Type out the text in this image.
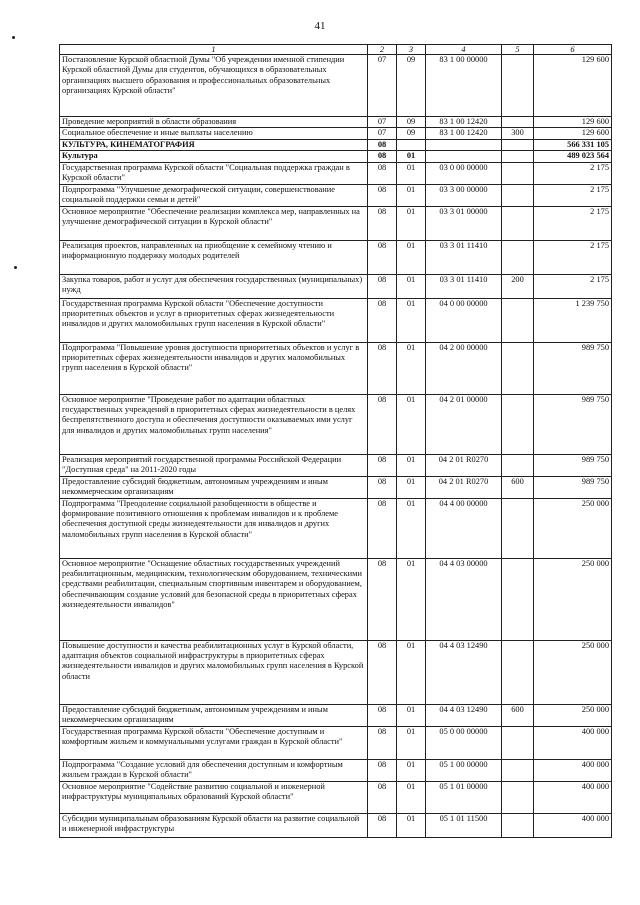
41
1	2	3	4	5	6
Постановление Курской областной Думы "Об учреждении именной стипендии Курской областной Думы для студентов, обучающихся в образовательных организациях высшего образования и профессиональных образовательных организациях Курской области"	07	09	83 1 00 00000		129 600
Проведение мероприятий в области образования	07	09	83 1 00 12420		129 600
Социальное обеспечение и иные выплаты населению	07	09	83 1 00 12420	300	129 600
КУЛЬТУРА, КИНЕМАТОГРАФИЯ	08				566 331 105
Культура	08	01			489 023 564
Государственная программа Курской области "Социальная поддержка граждан в Курской области"	08	01	03 0 00 00000		2 175
Подпрограмма "Улучшение демографической ситуации, совершенствование социальной поддержки семьи и детей"	08	01	03 3 00 00000		2 175
Основное мероприятие "Обеспечение реализации комплекса мер, направленных на улучшение демографической ситуации в Курской области"	08	01	03 3 01 00000		2 175
Реализация проектов, направленных на приобщение к семейному чтению и информационную поддержку молодых родителей	08	01	03 3 01 11410		2 175
Закупка товаров, работ и услуг для обеспечения государственных (муниципальных) нужд	08	01	03 3 01 11410	200	2 175
Государственная программа Курской области "Обеспечение доступности приоритетных объектов и услуг в приоритетных сферах жизнедеятельности инвалидов и других маломобильных групп населения в Курской области"	08	01	04 0 00 00000		1 239 750
Подпрограмма "Повышение уровня доступности приоритетных объектов и услуг в приоритетных сферах жизнедеятельности инвалидов и других маломобильных групп населения в Курской области"	08	01	04 2 00 00000		989 750
Основное мероприятие "Проведение работ по адаптации областных государственных учреждений в приоритетных сферах жизнедеятельности в целях беспрепятственного доступа и обеспечения доступности оказываемых ими услуг для инвалидов и других маломобильных групп населения"	08	01	04 2 01 00000		989 750
Реализация мероприятий государственной программы Российской Федерации "Доступная среда" на 2011-2020 годы	08	01	04 2 01 R0270		989 750
Предоставление субсидий бюджетным, автономным учреждениям и иным некоммерческим организациям	08	01	04 2 01 R0270	600	989 750
Подпрограмма "Преодоление социальной разобщенности в обществе и формирование позитивного отношения к проблемам инвалидов и к проблеме обеспечения доступной среды жизнедеятельности для инвалидов и других маломобильных групп населения в Курской области"	08	01	04 4 00 00000		250 000
Основное мероприятие "Оснащение областных государственных учреждений реабилитационным, медицинским, технологическим оборудованием, техническими средствами реабилитации, специальным спортивным инвентарем и оборудованием, обеспечивающим создание условий для безопасной среды в приоритетных сферах жизнедеятельности инвалидов"	08	01	04 4 03 00000		250 000
Повышение доступности и качества реабилитационных услуг в Курской области, адаптация объектов социальной инфраструктуры в приоритетных сферах жизнедеятельности инвалидов и других маломобильных групп населения в Курской области	08	01	04 4 03 12490		250 000
Предоставление субсидий бюджетным, автономным учреждениям и иным некоммерческим организациям	08	01	04 4 03 12490	600	250 000
Государственная программа Курской области "Обеспечение доступным и комфортным жильем и коммунальными услугами граждан в Курской области"	08	01	05 0 00 00000		400 000
Подпрограмма "Создание условий для обеспечения доступным и комфортным жильем граждан в Курской области"	08	01	05 1 00 00000		400 000
Основное мероприятие "Содействие развитию социальной и инженерной инфраструктуры муниципальных образований Курской области"	08	01	05 1 01 00000		400 000
Субсидии муниципальным образованиям Курской области на развитие социальной и инженерной инфраструктуры	08	01	05 1 01 11500		400 000
